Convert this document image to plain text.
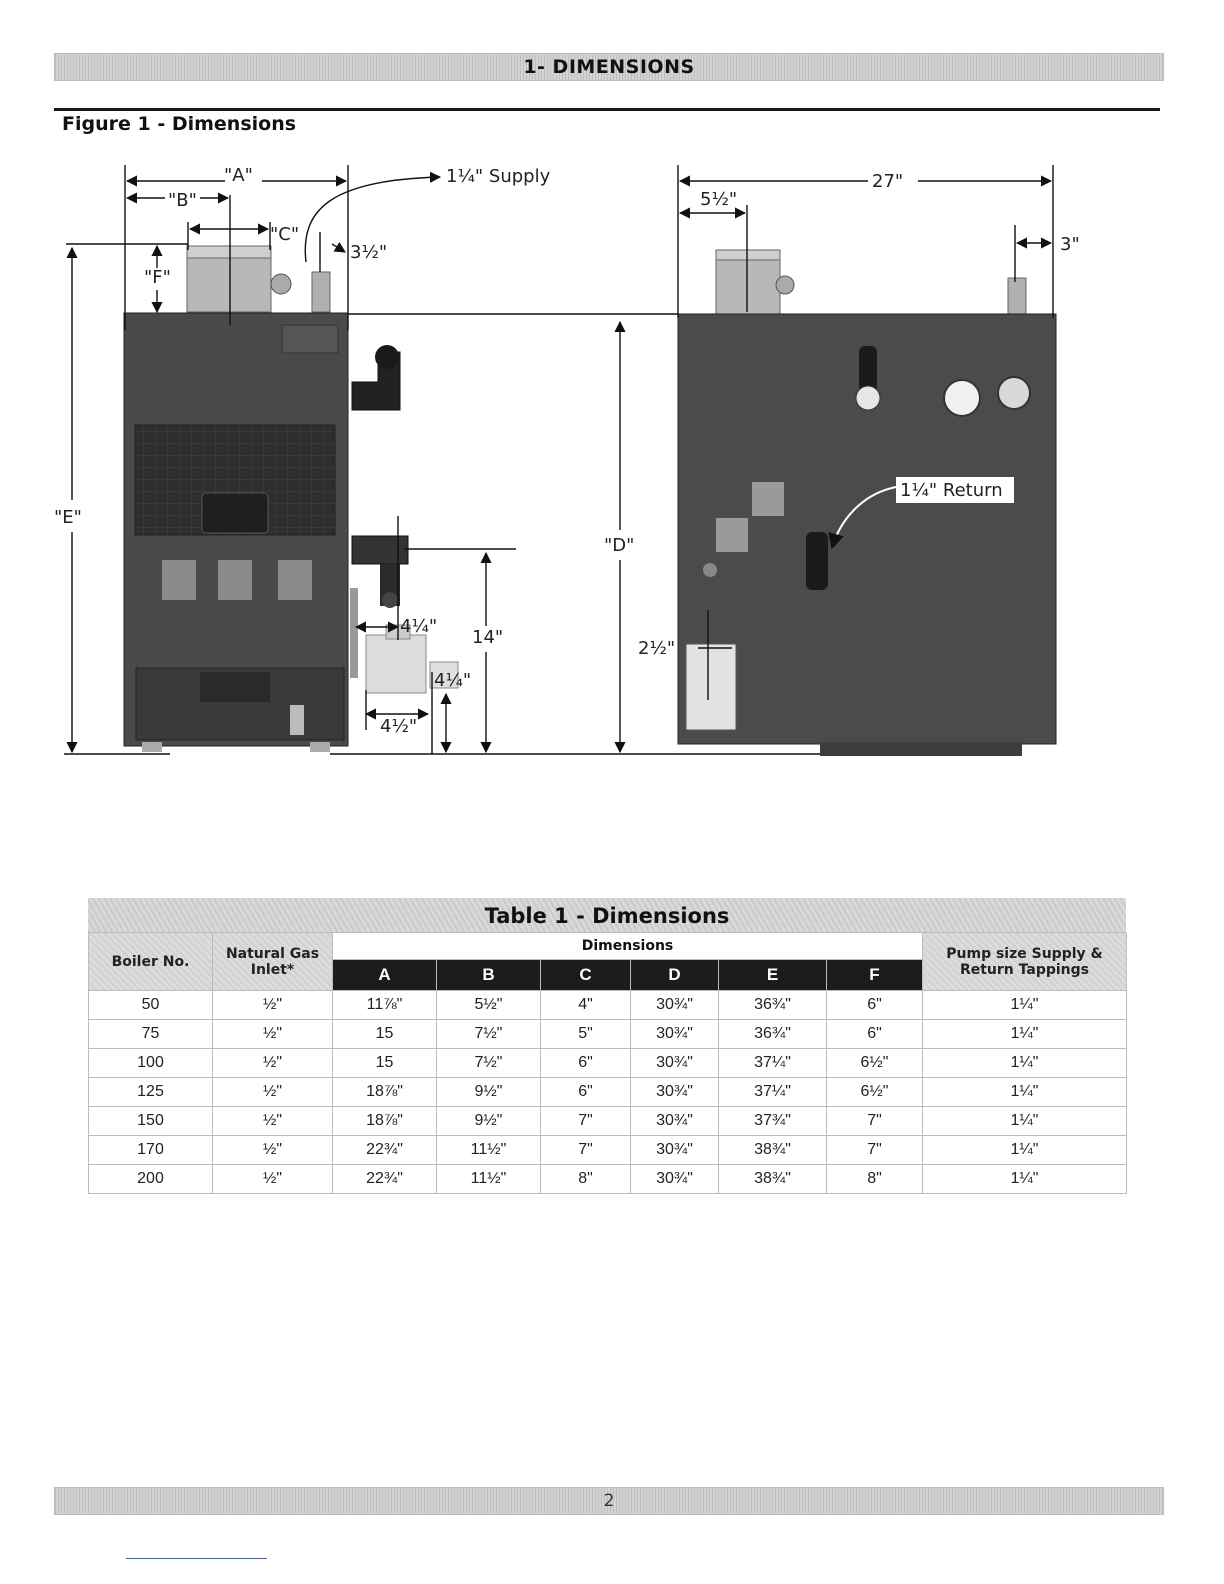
1- DIMENSIONS
Figure 1 - Dimensions
"A"
"B"
"C"
"F"
"E"
1¼" Supply
3½"
4¼"
14"
4¼"
4½"
"D"
27"
5½"
3"
1¼" Return
2½"
Table 1 - Dimensions
Boiler No.	Natural Gas Inlet*	Dimensions						Pump size Supply & Return Tappings
		A	B	C	D	E	F	
50	½"	11⅞"	5½"	4"	30¾"	36¾"	6"	1¼"
75	½"	15	7½"	5"	30¾"	36¾"	6"	1¼"
100	½"	15	7½"	6"	30¾"	37¼"	6½"	1¼"
125	½"	18⅞"	9½"	6"	30¾"	37¼"	6½"	1¼"
150	½"	18⅞"	9½"	7"	30¾"	37¾"	7"	1¼"
170	½"	22¾"	11½"	7"	30¾"	38¾"	7"	1¼"
200	½"	22¾"	11½"	8"	30¾"	38¾"	8"	1¼"
2
